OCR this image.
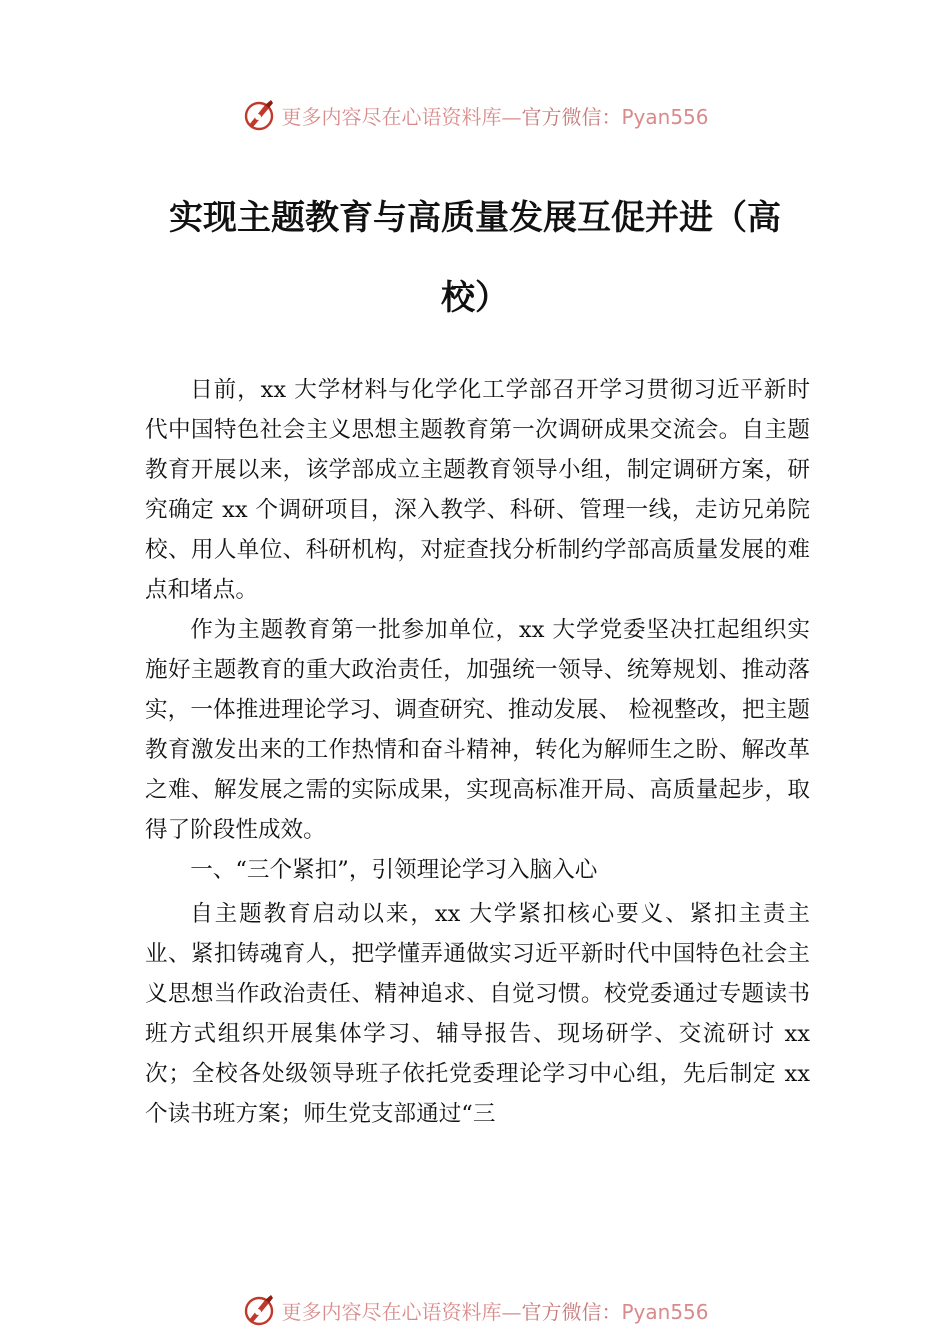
更多内容尽在心语资料库—官方微信：Pyan556
实现主题教育与高质量发展互促并进（高
校）

日前，xx 大学材料与化学化工学部召开学习贯彻习近平新时代中国特色社会主义思想主题教育第一次调研成果交流会。自主题教育开展以来，该学部成立主题教育领导小组，制定调研方案，研究确定 xx 个调研项目，深入教学、科研、管理一线，走访兄弟院校、用人单位、科研机构，对症查找分析制约学部高质量发展的难点和堵点。

作为主题教育第一批参加单位，xx 大学党委坚决扛起组织实施好主题教育的重大政治责任，加强统一领导、统筹规划、推动落实，一体推进理论学习、调查研究、推动发展、 检视整改，把主题教育激发出来的工作热情和奋斗精神，转化为解师生之盼、解改革之难、解发展之需的实际成果，实现高标准开局、高质量起步，取得了阶段性成效。

一、“三个紧扣”，引领理论学习入脑入心

自主题教育启动以来，xx 大学紧扣核心要义、紧扣主责主业、紧扣铸魂育人，把学懂弄通做实习近平新时代中国特色社会主义思想当作政治责任、精神追求、自觉习惯。校党委通过专题读书班方式组织开展集体学习、辅导报告、现场研学、交流研讨 xx 次；全校各处级领导班子依托党委理论学习中心组，先后制定 xx 个读书班方案；师生党支部通过“三

更多内容尽在心语资料库—官方微信：Pyan556
